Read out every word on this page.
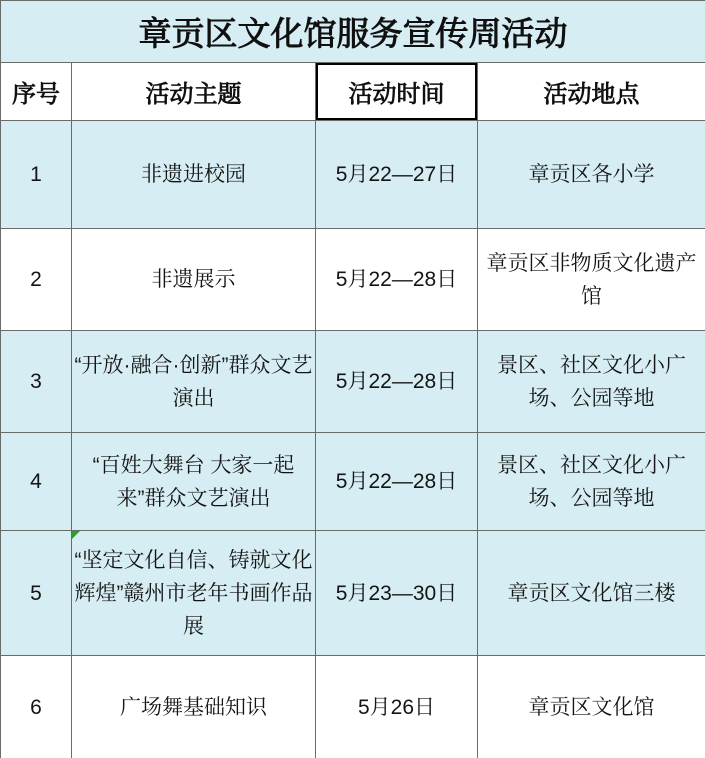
章贡区文化馆服务宣传周活动			
序号	活动主题	活动时间	活动地点
1	非遗进校园	5月22—27日	章贡区各小学
2	非遗展示	5月22—28日	章贡区非物质文化遗产馆
3	“开放·融合·创新”群众文艺演出	5月22—28日	景区、社区文化小广场、公园等地
4	“百姓大舞台 大家一起来”群众文艺演出	5月22—28日	景区、社区文化小广场、公园等地
5	“坚定文化自信、铸就文化辉煌”赣州市老年书画作品展	5月23—30日	章贡区文化馆三楼
6	广场舞基础知识	5月26日	章贡区文化馆
